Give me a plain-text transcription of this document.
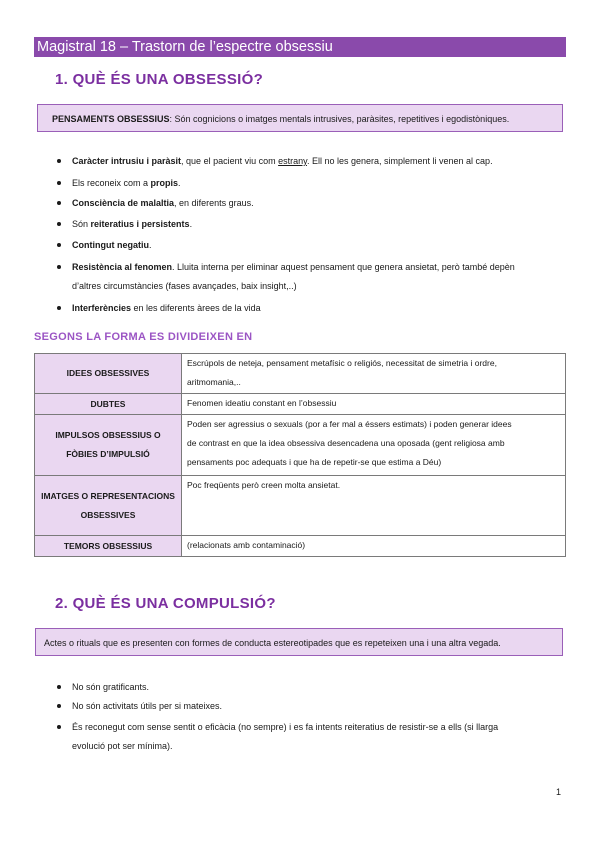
Magistral 18 – Trastorn de l’espectre obsessiu
1. QUÈ ÉS UNA OBSESSIÓ?
PENSAMENTS OBSESSIUS: Són cognicions o imatges mentals intrusives, paràsites, repetitives i egodistòniques.
Caràcter intrusiu i paràsit, que el pacient viu com estrany. Ell no les genera, simplement li venen al cap.
Els reconeix com a propis.
Consciència de malaltia, en diferents graus.
Són reiteratius i persistents.
Contingut negatiu.
Resistència al fenomen. Lluita interna per eliminar aquest pensament que genera ansietat, però també depèn
d’altres circumstàncies (fases avançades, baix insight,..)
Interferències en les diferents àrees de la vida
SEGONS LA FORMA ES DIVIDEIXEN EN
IDEES OBSESSIVES	Escrúpols de neteja, pensament metafísic o religiós, necessitat de simetria i ordre,
aritmomania,..

DUBTES	Fenomen ideatiu constant en l’obsessiu

IMPULSOS OBSESSIUS O FÒBIES D’IMPULSIÓ	Poden ser agressius o sexuals (por a fer mal a éssers estimats) i poden generar idees
de contrast en que la idea obsessiva desencadena una oposada (gent religiosa amb
pensaments poc adequats i que ha de repetir-se que estima a Déu)

IMATGES O REPRESENTACIONS OBSESSIVES	Poc freqüents però creen molta ansietat.

TEMORS OBSESSIUS	(relacionats amb contaminació)
2. QUÈ ÉS UNA COMPULSIÓ?
Actes o rituals que es presenten con formes de conducta estereotipades que es repeteixen una i una altra vegada.
No són gratificants.
No són activitats útils per si mateixes.
És reconegut com sense sentit o eficàcia (no sempre) i es fa intents reiteratius de resistir-se a ells (si llarga
evolució pot ser mínima).
1
